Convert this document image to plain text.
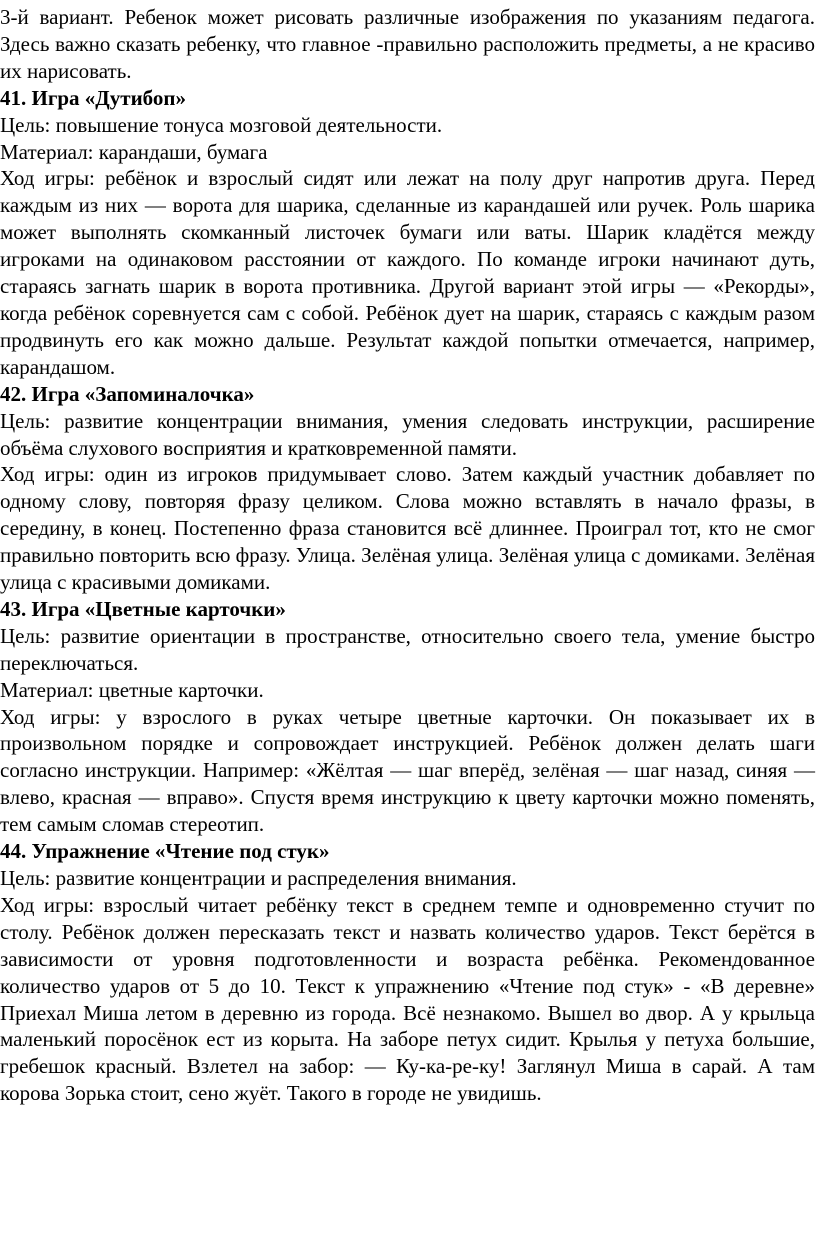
3-й вариант. Ребенок может рисовать различные изображения по указаниям педагога. Здесь важно сказать ребенку, что главное -правильно расположить предметы, а не красиво их нарисовать.

41. Игра «Дутибоп»

Цель: повышение тонуса мозговой деятельности.

Материал: карандаши, бумага

Ход игры: ребёнок и взрослый сидят или лежат на полу друг напротив друга. Перед каждым из них — ворота для шарика, сделанные из карандашей или ручек. Роль шарика может выполнять скомканный листочек бумаги или ваты. Шарик кладётся между игроками на одинаковом расстоянии от каждого. По команде игроки начинают дуть, стараясь загнать шарик в ворота противника. Другой вариант этой игры — «Рекорды», когда ребёнок соревнуется сам с собой. Ребёнок дует на шарик, стараясь с каждым разом продвинуть его как можно дальше. Результат каждой попытки отмечается, например, карандашом.

42. Игра «Запоминалочка»

Цель: развитие концентрации внимания, умения следовать инструкции, расширение объёма слухового восприятия и кратковременной памяти.

Ход игры: один из игроков придумывает слово. Затем каждый участник добавляет по одному слову, повторяя фразу целиком. Слова можно вставлять в начало фразы, в середину, в конец. Постепенно фраза становится всё длиннее. Проиграл тот, кто не смог правильно повторить всю фразу. Улица. Зелёная улица. Зелёная улица с домиками. Зелёная улица с красивыми домиками.

43. Игра «Цветные карточки»

Цель: развитие ориентации в пространстве, относительно своего тела, умение быстро переключаться.

Материал: цветные карточки.

Ход игры: у взрослого в руках четыре цветные карточки. Он показывает их в произвольном порядке и сопровождает инструкцией. Ребёнок должен делать шаги согласно инструкции. Например: «Жёлтая — шаг вперёд, зелёная — шаг назад, синяя — влево, красная — вправо». Спустя время инструкцию к цвету карточки можно поменять, тем самым сломав стереотип.

44. Упражнение «Чтение под стук»

Цель: развитие концентрации и распределения внимания.

Ход игры: взрослый читает ребёнку текст в среднем темпе и одновременно стучит по столу. Ребёнок должен пересказать текст и назвать количество ударов. Текст берётся в зависимости от уровня подготовленности и возраста ребёнка. Рекомендованное количество ударов от 5 до 10. Текст к упражнению «Чтение под стук» - «В деревне» Приехал Миша летом в деревню из города. Всё незнакомо. Вышел во двор. А у крыльца маленький поросёнок ест из корыта. На заборе петух сидит. Крылья у петуха большие, гребешок красный. Взлетел на забор: — Ку-ка-ре-ку! Заглянул Миша в сарай. А там корова Зорька стоит, сено жуёт. Такого в городе не увидишь.
